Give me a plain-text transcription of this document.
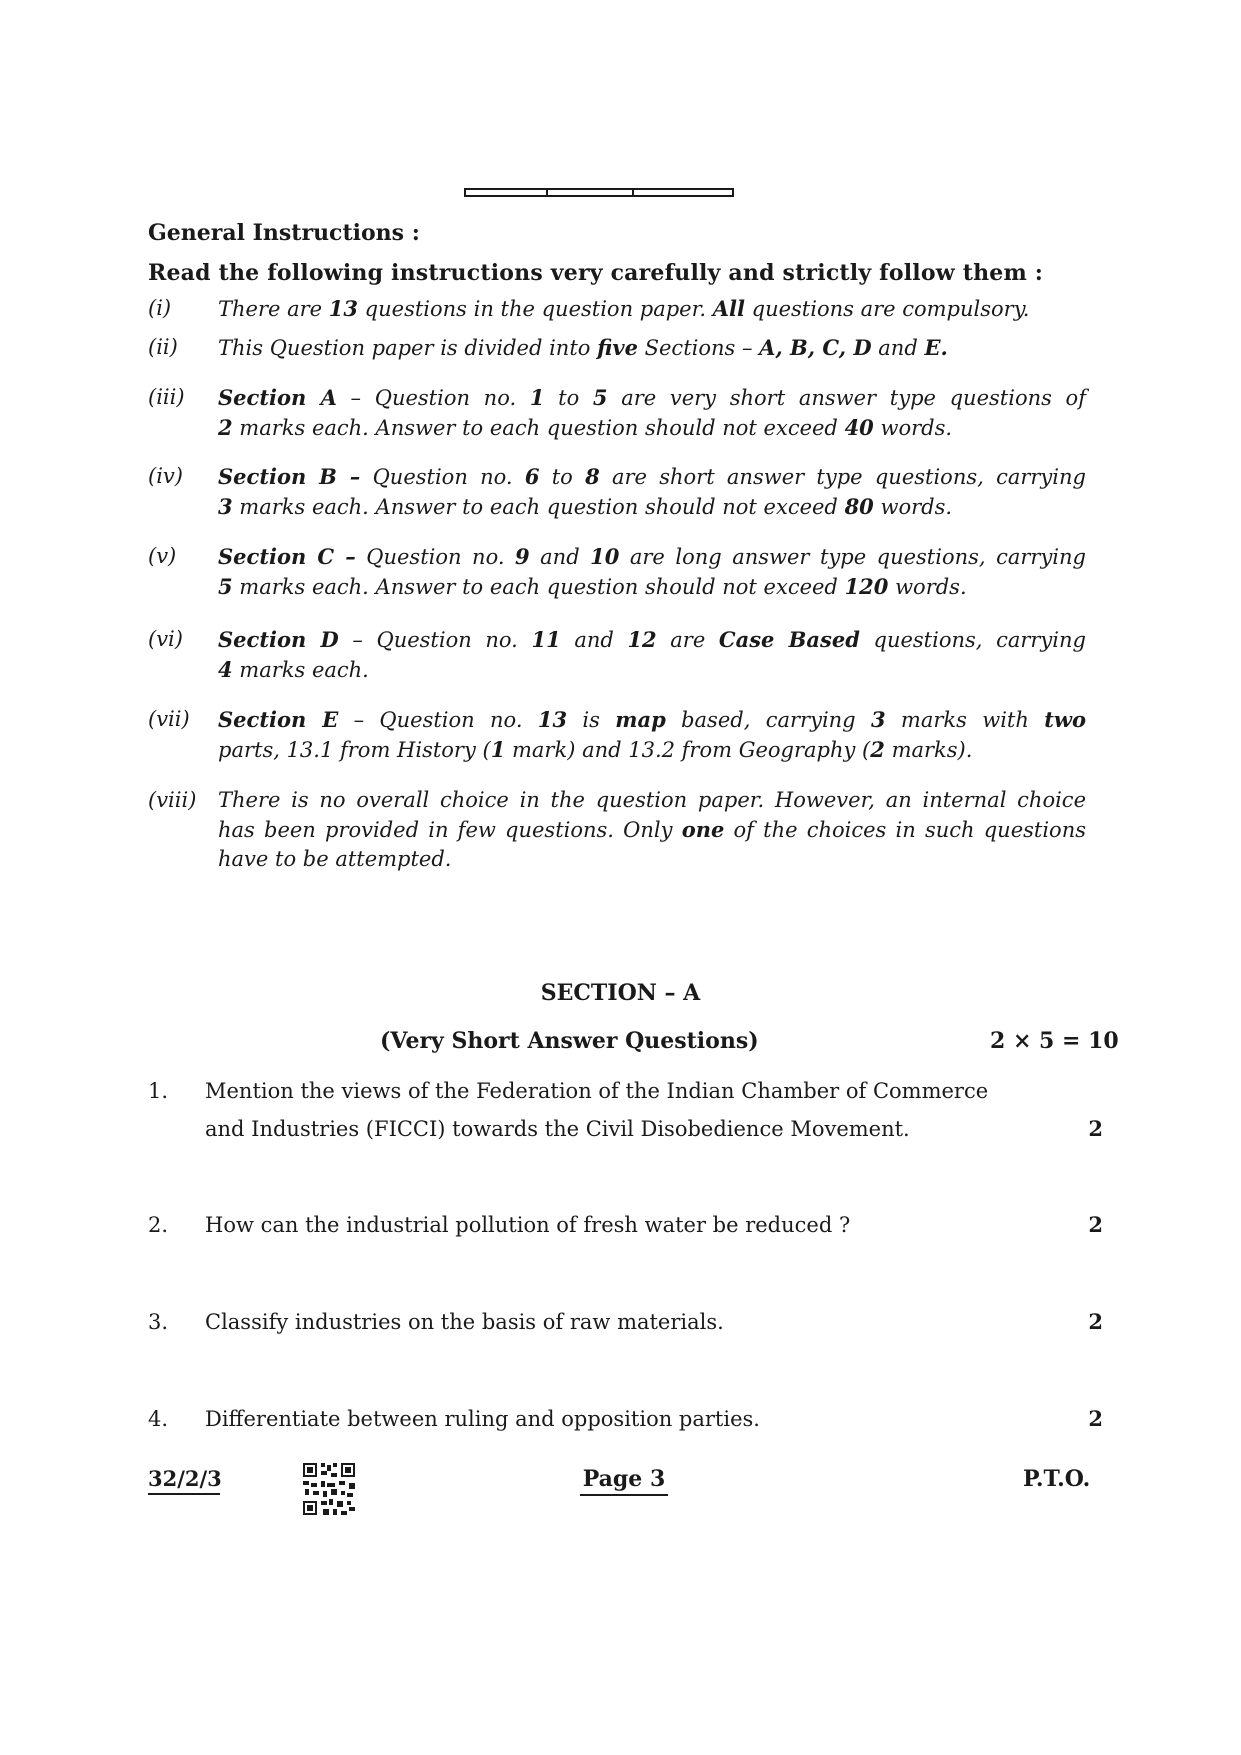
General Instructions :
Read the following instructions very carefully and strictly follow them :
(i) There are 13 questions in the question paper. All questions are compulsory.
(ii) This Question paper is divided into five Sections – A, B, C, D and E.
(iii) Section A – Question no. 1 to 5 are very short answer type questions of
2 marks each. Answer to each question should not exceed 40 words.
(iv) Section B – Question no. 6 to 8 are short answer type questions, carrying
3 marks each. Answer to each question should not exceed 80 words.
(v) Section C – Question no. 9 and 10 are long answer type questions, carrying
5 marks each. Answer to each question should not exceed 120 words.
(vi) Section D – Question no. 11 and 12 are Case Based questions, carrying
4 marks each.
(vii) Section E – Question no. 13 is map based, carrying 3 marks with two
parts, 13.1 from History (1 mark) and 13.2 from Geography (2 marks).
(viii) There is no overall choice in the question paper. However, an internal choice
has been provided in few questions. Only one of the choices in such questions
have to be attempted.
SECTION – A
(Very Short Answer Questions)	2 × 5 = 10
1. Mention the views of the Federation of the Indian Chamber of Commerce
and Industries (FICCI) towards the Civil Disobedience Movement.	2
2. How can the industrial pollution of fresh water be reduced ?	2
3. Classify industries on the basis of raw materials.	2
4. Differentiate between ruling and opposition parties.	2
32/2/3	Page 3	P.T.O.
